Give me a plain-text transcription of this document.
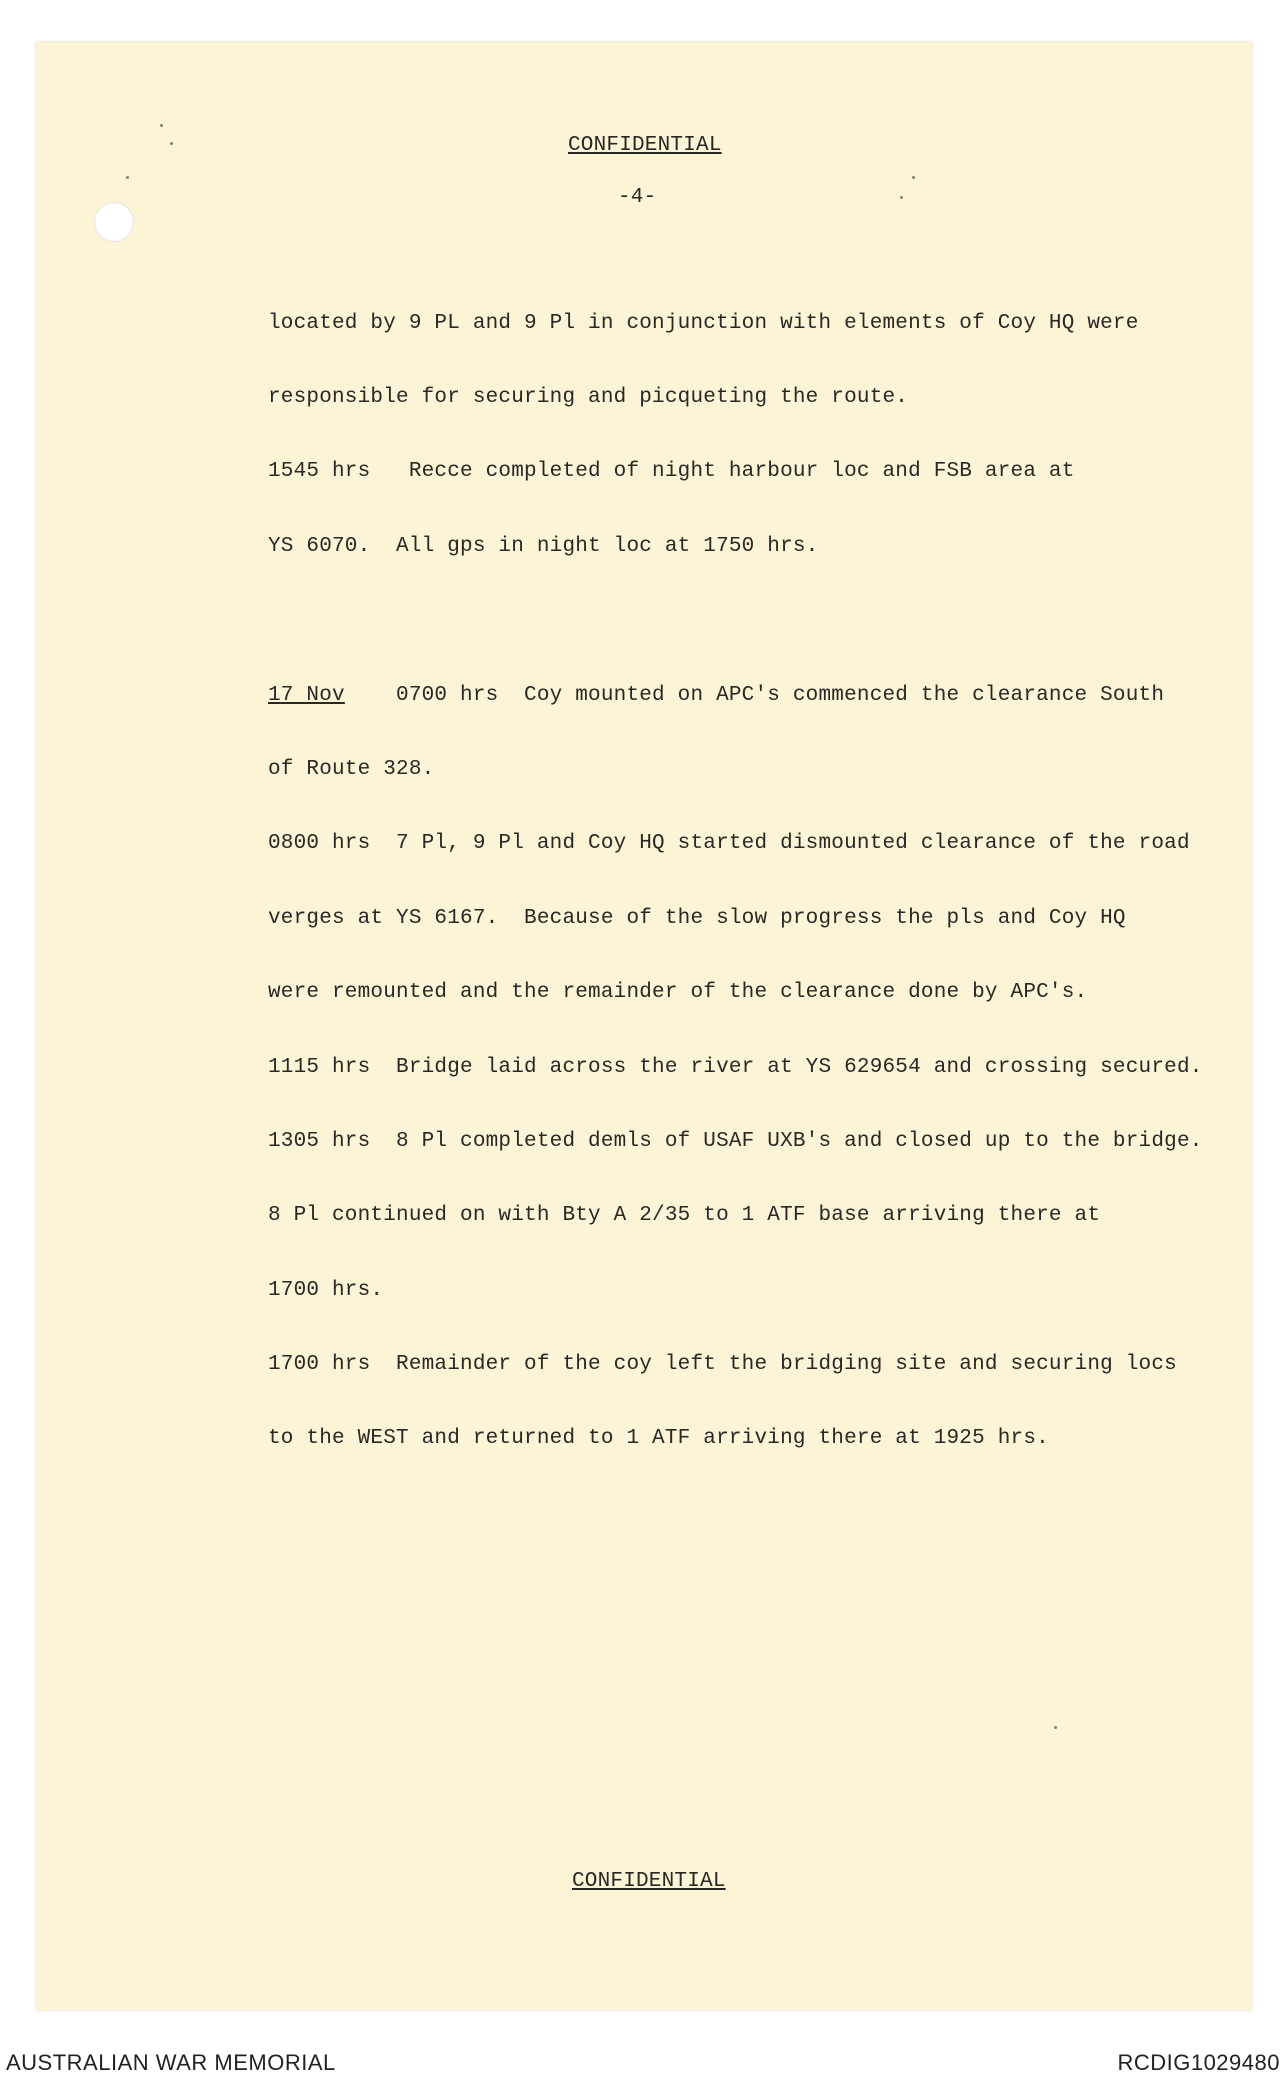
CONFIDENTIAL
-4-

located by 9 PL and 9 Pl in conjunction with elements of Coy HQ were

responsible for securing and picqueting the route.

1545 hrs   Recce completed of night harbour loc and FSB area at

YS 6070.  All gps in night loc at 1750 hrs.

17 Nov    0700 hrs  Coy mounted on APC's commenced the clearance South

of Route 328.

0800 hrs  7 Pl, 9 Pl and Coy HQ started dismounted clearance of the road

verges at YS 6167.  Because of the slow progress the pls and Coy HQ

were remounted and the remainder of the clearance done by APC's.

1115 hrs  Bridge laid across the river at YS 629654 and crossing secured.

1305 hrs  8 Pl completed demls of USAF UXB's and closed up to the bridge.

8 Pl continued on with Bty A 2/35 to 1 ATF base arriving there at

1700 hrs.

1700 hrs  Remainder of the coy left the bridging site and securing locs

to the WEST and returned to 1 ATF arriving there at 1925 hrs.

CONFIDENTIAL
AUSTRALIAN WAR MEMORIAL	RCDIG1029480
